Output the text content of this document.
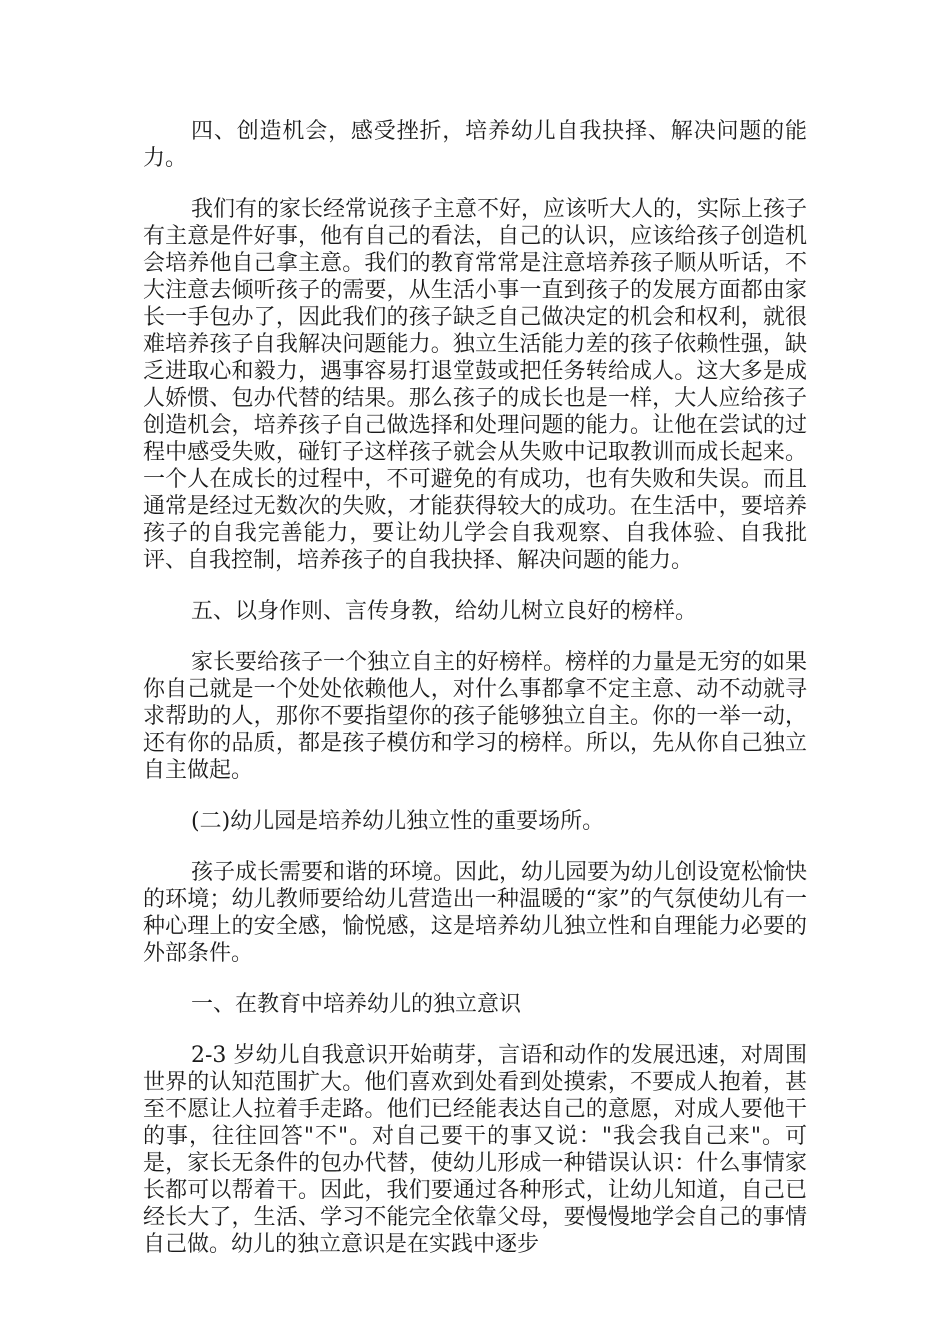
四、创造机会，感受挫折，培养幼儿自我抉择、解决问题的能力。

我们有的家长经常说孩子主意不好，应该听大人的，实际上孩子有主意是件好事，他有自己的看法，自己的认识，应该给孩子创造机会培养他自己拿主意。我们的教育常常是注意培养孩子顺从听话，不大注意去倾听孩子的需要，从生活小事一直到孩子的发展方面都由家长一手包办了，因此我们的孩子缺乏自己做决定的机会和权利，就很难培养孩子自我解决问题能力。独立生活能力差的孩子依赖性强，缺乏进取心和毅力，遇事容易打退堂鼓或把任务转给成人。这大多是成人娇惯、包办代替的结果。那么孩子的成长也是一样，大人应给孩子创造机会，培养孩子自己做选择和处理问题的能力。让他在尝试的过程中感受失败，碰钉子这样孩子就会从失败中记取教训而成长起来。一个人在成长的过程中，不可避免的有成功，也有失败和失误。而且通常是经过无数次的失败，才能获得较大的成功。在生活中，要培养孩子的自我完善能力，要让幼儿学会自我观察、自我体验、自我批评、自我控制，培养孩子的自我抉择、解决问题的能力。

五、以身作则、言传身教，给幼儿树立良好的榜样。

家长要给孩子一个独立自主的好榜样。榜样的力量是无穷的如果你自己就是一个处处依赖他人，对什么事都拿不定主意、动不动就寻求帮助的人，那你不要指望你的孩子能够独立自主。你的一举一动，还有你的品质，都是孩子模仿和学习的榜样。所以，先从你自己独立自主做起。

(二)幼儿园是培养幼儿独立性的重要场所。

孩子成长需要和谐的环境。因此，幼儿园要为幼儿创设宽松愉快的环境；幼儿教师要给幼儿营造出一种温暖的“家”的气氛使幼儿有一种心理上的安全感，愉悦感，这是培养幼儿独立性和自理能力必要的外部条件。

一、在教育中培养幼儿的独立意识

2-3 岁幼儿自我意识开始萌芽，言语和动作的发展迅速，对周围世界的认知范围扩大。他们喜欢到处看到处摸索，不要成人抱着，甚至不愿让人拉着手走路。他们已经能表达自己的意愿，对成人要他干的事，往往回答"不"。对自己要干的事又说："我会我自己来"。可是，家长无条件的包办代替，使幼儿形成一种错误认识：什么事情家长都可以帮着干。因此，我们要通过各种形式，让幼儿知道，自己已经长大了，生活、学习不能完全依靠父母，要慢慢地学会自己的事情自己做。幼儿的独立意识是在实践中逐步
